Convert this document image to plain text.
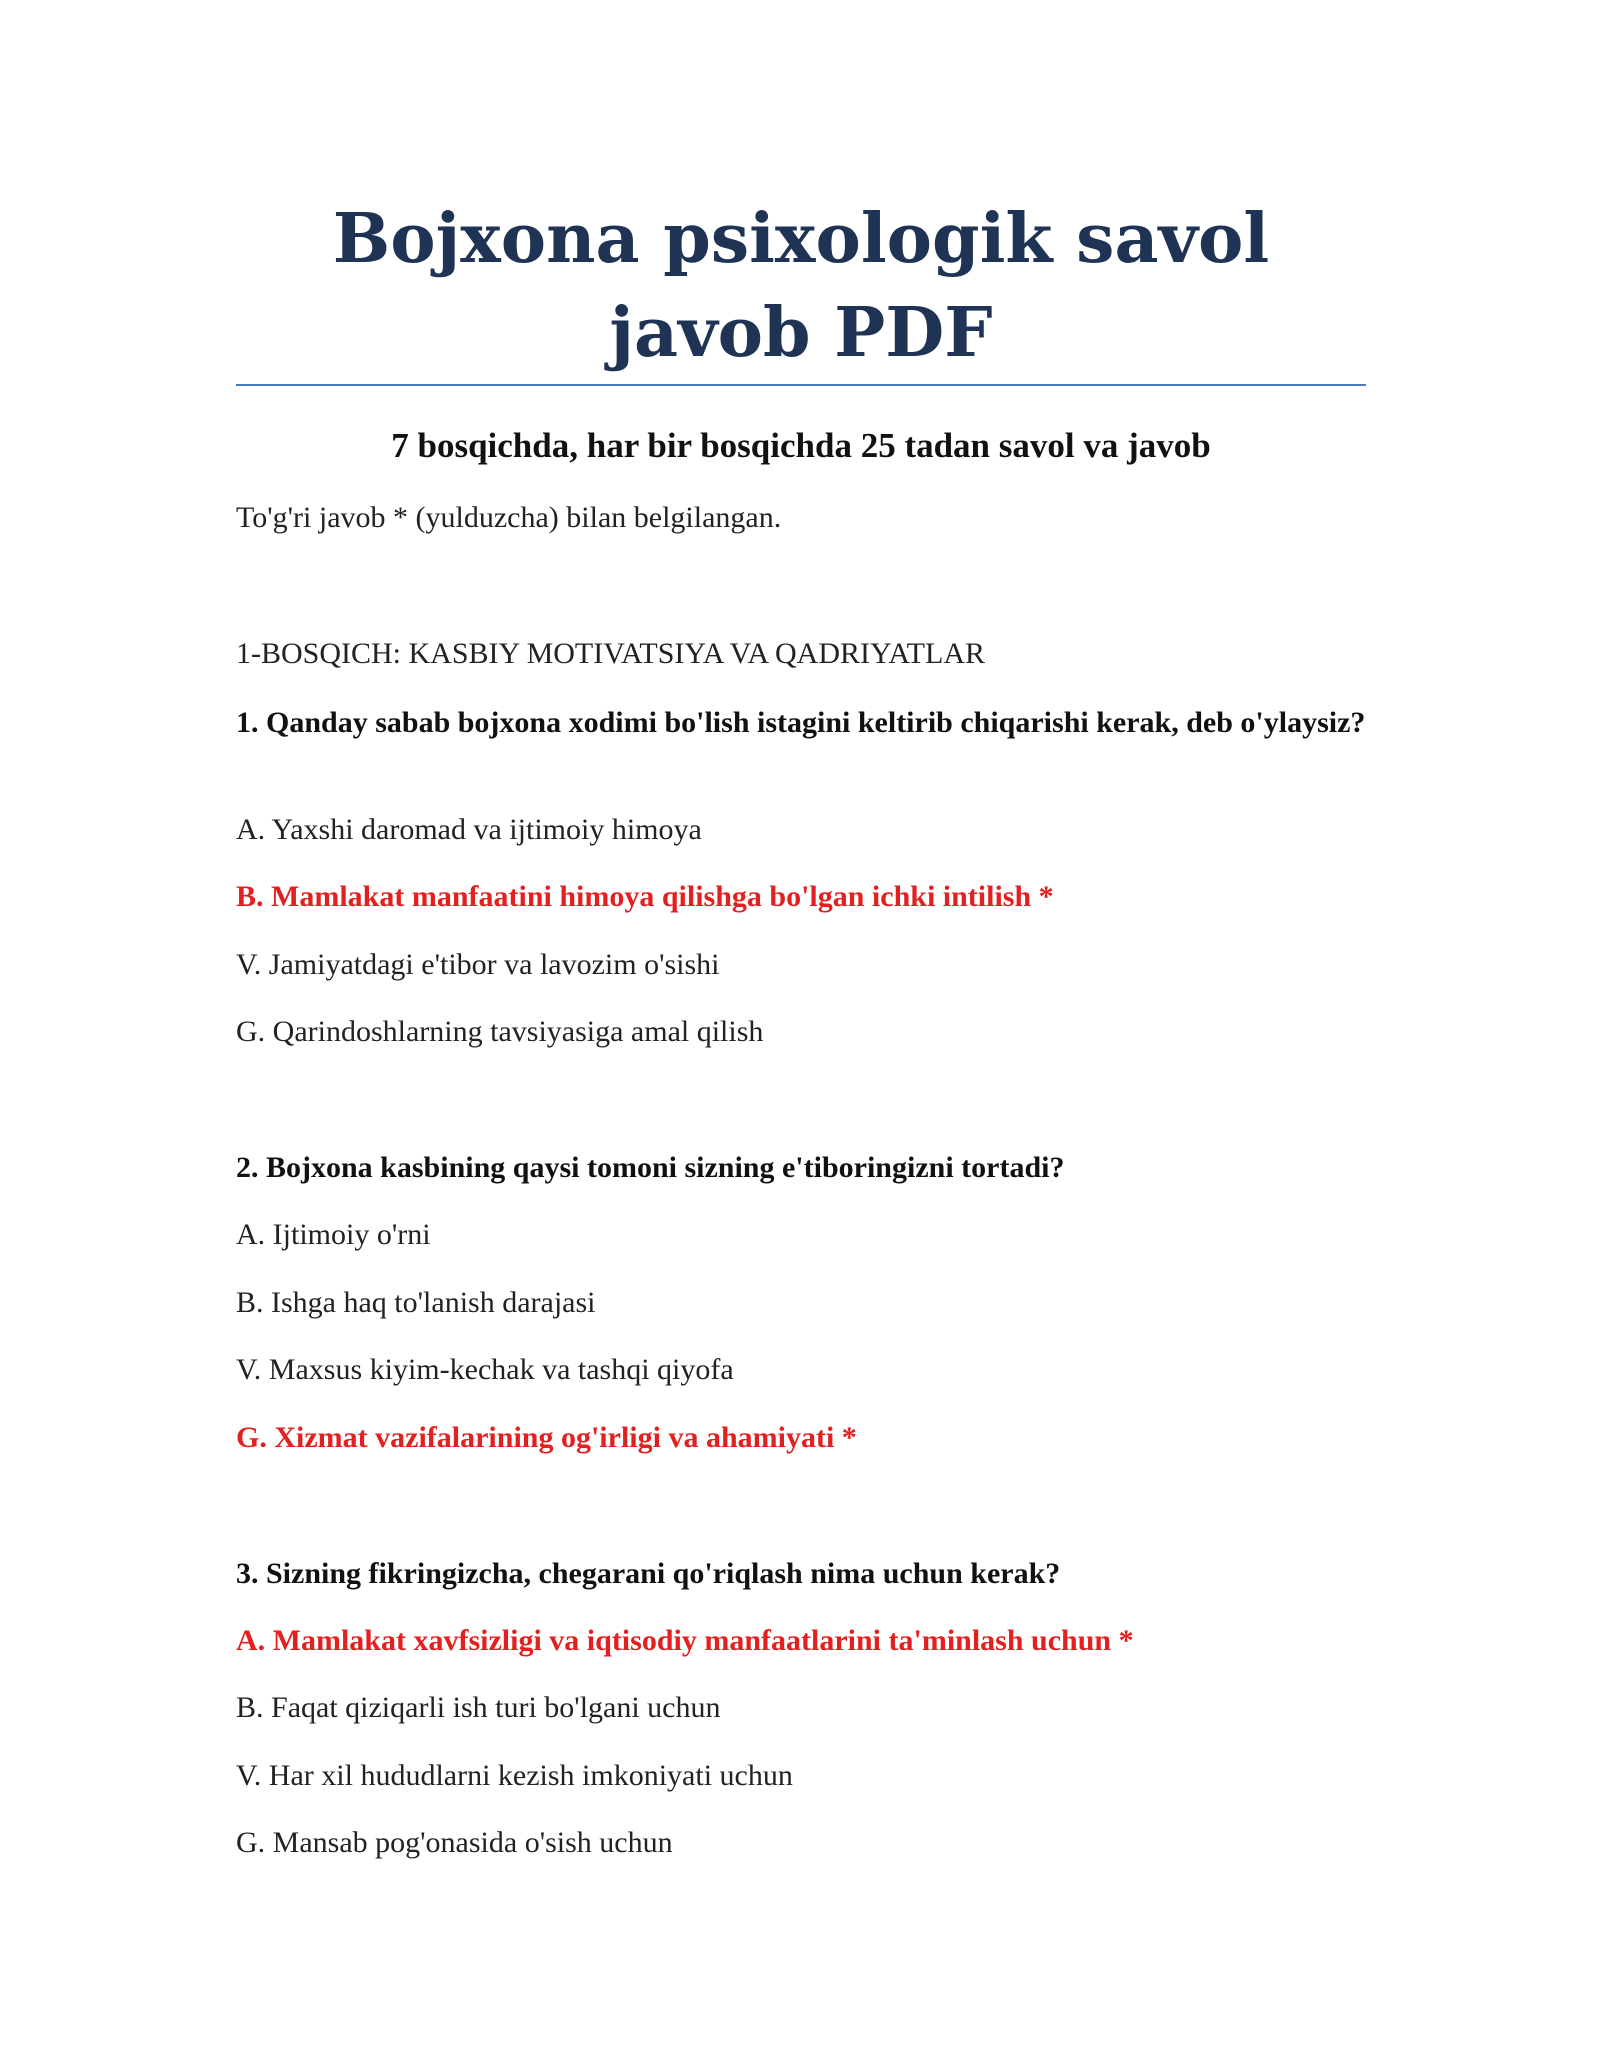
Bojxona psixologik savol javob PDF
7 bosqichda, har bir bosqichda 25 tadan savol va javob
To'g'ri javob * (yulduzcha) bilan belgilangan.
1-BOSQICH: KASBIY MOTIVATSIYA VA QADRIYATLAR
1. Qanday sabab bojxona xodimi bo'lish istagini keltirib chiqarishi kerak, deb o'ylaysiz?
A. Yaxshi daromad va ijtimoiy himoya
B. Mamlakat manfaatini himoya qilishga bo'lgan ichki intilish *
V. Jamiyatdagi e'tibor va lavozim o'sishi
G. Qarindoshlarning tavsiyasiga amal qilish
2. Bojxona kasbining qaysi tomoni sizning e'tiboringizni tortadi?
A. Ijtimoiy o'rni
B. Ishga haq to'lanish darajasi
V. Maxsus kiyim-kechak va tashqi qiyofa
G. Xizmat vazifalarining og'irligi va ahamiyati *
3. Sizning fikringizcha, chegarani qo'riqlash nima uchun kerak?
A. Mamlakat xavfsizligi va iqtisodiy manfaatlarini ta'minlash uchun *
B. Faqat qiziqarli ish turi bo'lgani uchun
V. Har xil hududlarni kezish imkoniyati uchun
G. Mansab pog'onasida o'sish uchun
